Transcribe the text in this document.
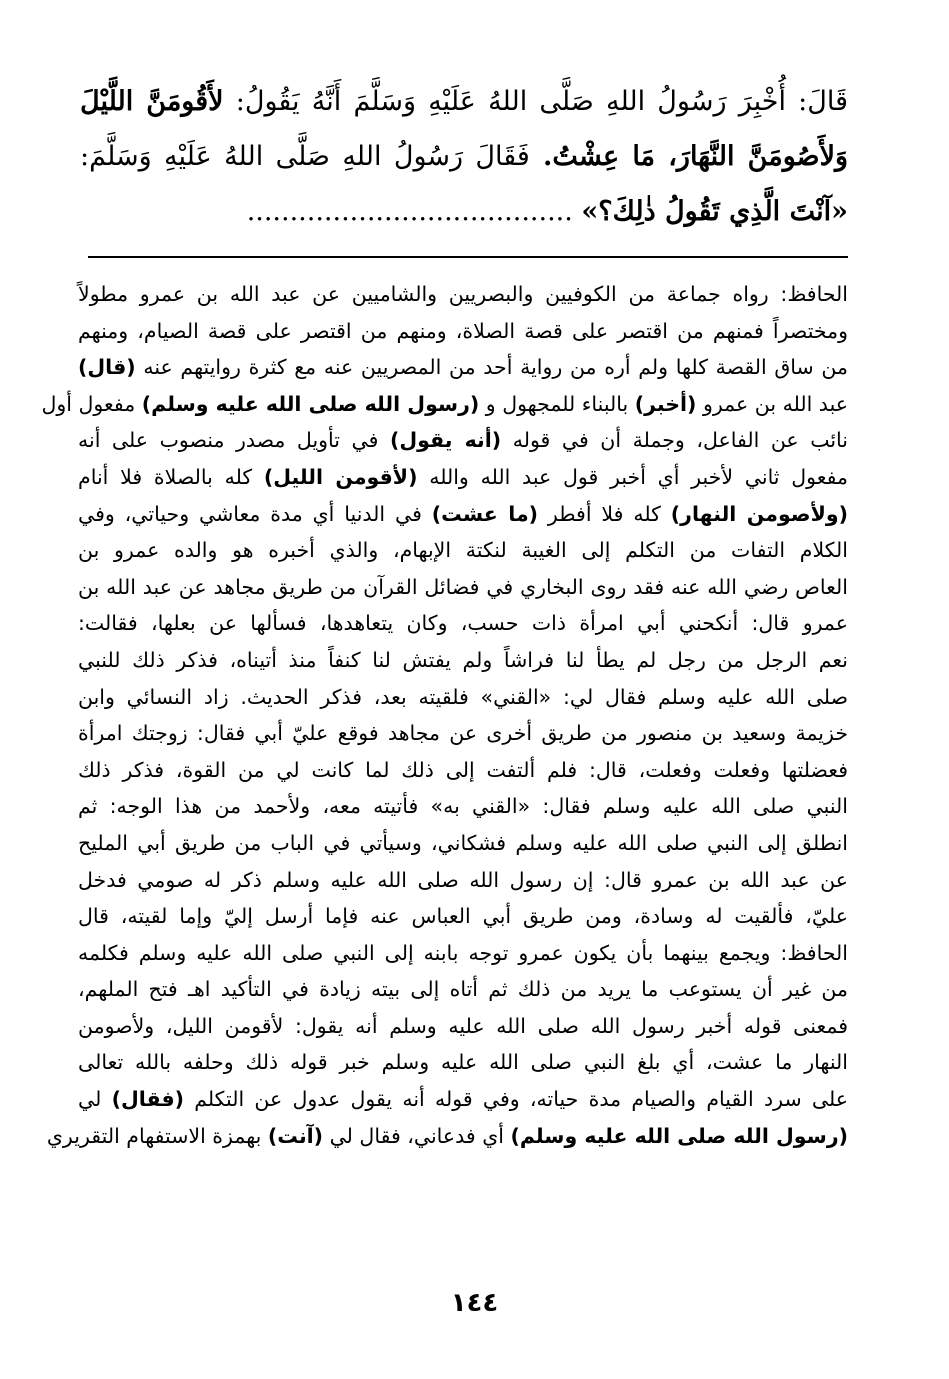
قَالَ: أُخْبِرَ رَسُولُ اللهِ صَلَّى اللهُ عَلَيْهِ وَسَلَّمَ أَنَّهُ يَقُولُ: لأَقُومَنَّ اللَّيْلَ وَلأَصُومَنَّ النَّهَارَ، مَا عِشْتُ. فَقَالَ رَسُولُ اللهِ صَلَّى اللهُ عَلَيْهِ وَسَلَّمَ: «آنْتَ الَّذِي تَقُولُ ذٰلِكَ؟» ......................................
الحافظ: رواه جماعة من الكوفيين والبصريين والشاميين عن عبد الله بن عمرو مطولاً
ومختصراً فمنهم من اقتصر على قصة الصلاة، ومنهم من اقتصر على قصة الصيام، ومنهم
من ساق القصة كلها ولم أره من رواية أحد من المصريين عنه مع كثرة روايتهم عنه (قال)
عبد الله بن عمرو (أخبر) بالبناء للمجهول و (رسول الله صلى الله عليه وسلم) مفعول أول
نائب عن الفاعل، وجملة أن في قوله (أنه يقول) في تأويل مصدر منصوب على أنه
مفعول ثاني لأخبر أي أخبر قول عبد الله والله (لأقومن الليل) كله بالصلاة فلا أنام
(ولأصومن النهار) كله فلا أفطر (ما عشت) في الدنيا أي مدة معاشي وحياتي، وفي
الكلام التفات من التكلم إلى الغيبة لنكتة الإبهام، والذي أخبره هو والده عمرو بن
العاص رضي الله عنه فقد روى البخاري في فضائل القرآن من طريق مجاهد عن عبد الله بن
عمرو قال: أنكحني أبي امرأة ذات حسب، وكان يتعاهدها، فسألها عن بعلها، فقالت:
نعم الرجل من رجل لم يطأ لنا فراشاً ولم يفتش لنا كنفاً منذ أتيناه، فذكر ذلك للنبي
صلى الله عليه وسلم فقال لي: «القني» فلقيته بعد، فذكر الحديث. زاد النسائي وابن
خزيمة وسعيد بن منصور من طريق أخرى عن مجاهد فوقع عليّ أبي فقال: زوجتك امرأة
فعضلتها وفعلت وفعلت، قال: فلم ألتفت إلى ذلك لما كانت لي من القوة، فذكر ذلك
النبي صلى الله عليه وسلم فقال: «القني به» فأتيته معه، ولأحمد من هذا الوجه: ثم
انطلق إلى النبي صلى الله عليه وسلم فشكاني، وسيأتي في الباب من طريق أبي المليح
عن عبد الله بن عمرو قال: إن رسول الله صلى الله عليه وسلم ذكر له صومي فدخل
عليّ، فألقيت له وسادة، ومن طريق أبي العباس عنه فإما أرسل إليّ وإما لقيته، قال
الحافظ: ويجمع بينهما بأن يكون عمرو توجه بابنه إلى النبي صلى الله عليه وسلم فكلمه
من غير أن يستوعب ما يريد من ذلك ثم أتاه إلى بيته زيادة في التأكيد اهـ فتح الملهم،
فمعنى قوله أخبر رسول الله صلى الله عليه وسلم أنه يقول: لأقومن الليل، ولأصومن
النهار ما عشت، أي بلغ النبي صلى الله عليه وسلم خبر قوله ذلك وحلفه بالله تعالى
على سرد القيام والصيام مدة حياته، وفي قوله أنه يقول عدول عن التكلم (فقال) لي
(رسول الله صلى الله عليه وسلم) أي فدعاني، فقال لي (آنت) بهمزة الاستفهام التقريري
١٤٤
